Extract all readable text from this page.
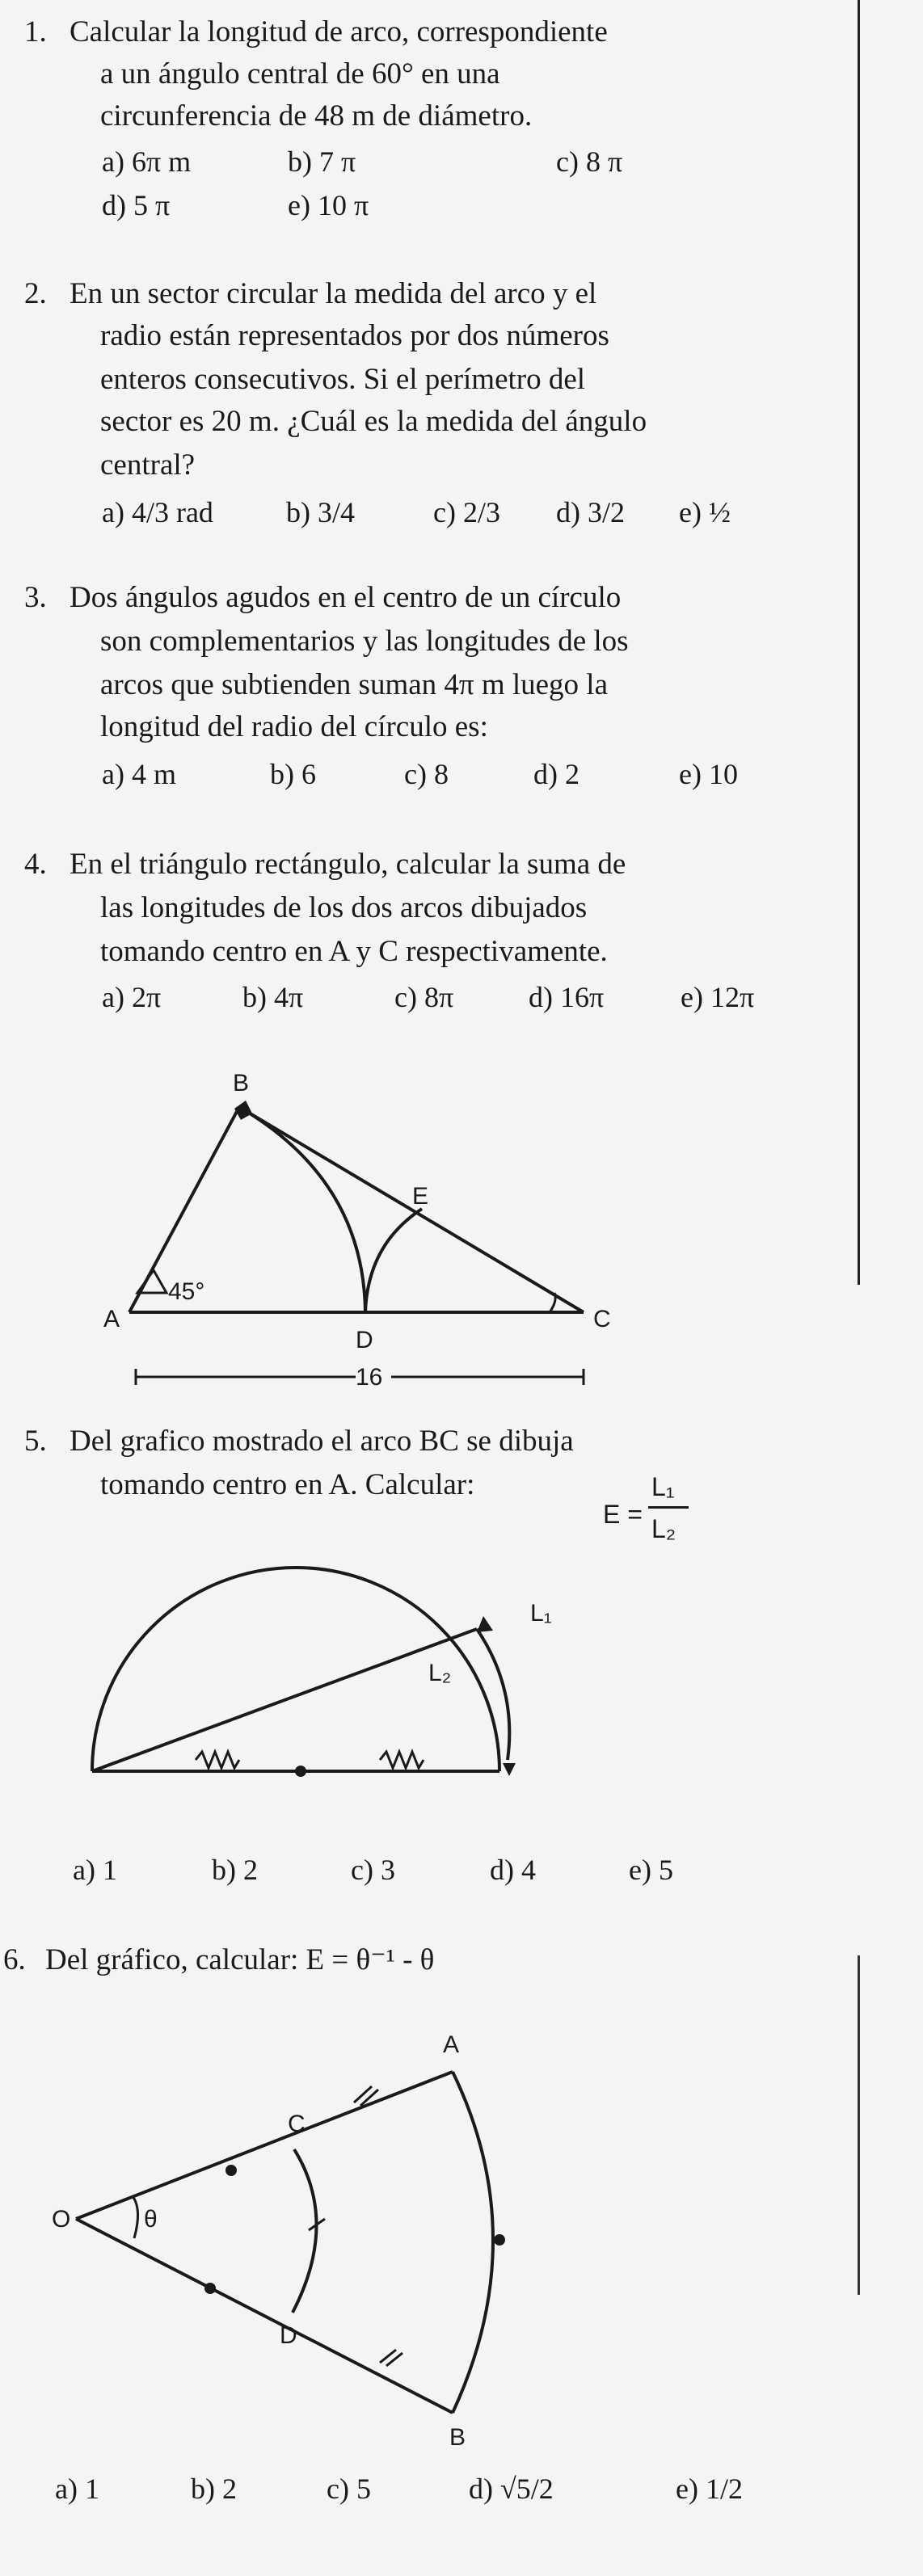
1. Calcular la longitud de arco, correspondiente
a un ángulo central de 60° en una
circunferencia de 48 m de diámetro.
a) 6π m	b) 7 π	c) 8 π
d) 5 π	e) 10 π
2. En un sector circular la medida del arco y el
radio están representados por dos números
enteros consecutivos. Si el perímetro del
sector es 20 m. ¿Cuál es la medida del ángulo
central?
a) 4/3 rad	b) 3/4	c) 2/3 d) 3/2 e) ½
3. Dos ángulos agudos en el centro de un círculo
son complementarios y las longitudes de los
arcos que subtienden suman 4π m luego la
longitud del radio del círculo es:
a) 4 m	b) 6	c) 8	d) 2	e) 10
4. En el triángulo rectángulo, calcular la suma de
las longitudes de los dos arcos dibujados
tomando centro en A y C respectivamente.
a) 2π	b) 4π	c) 8π	d) 16π	e) 12π
B
E
A
45°
D
C
16
L₁
L₂
A
C
O	θ
D
B
5. Del grafico mostrado el arco BC se dibuja
tomando centro en A. Calcular:
E =
L₁
L₂
a) 1	b) 2	c) 3	d) 4	e) 5
6. Del gráfico, calcular: E = θ⁻¹ - θ
a) 1	b) 2	c) 5	d) √5/2	e) 1/2
